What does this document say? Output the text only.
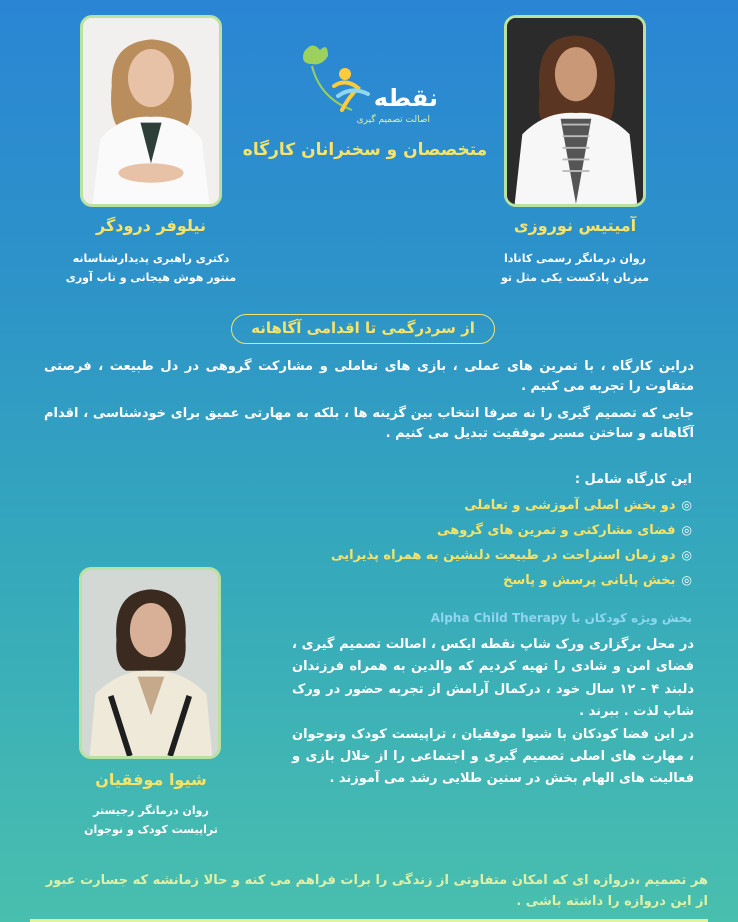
نقطه
اصالت تصمیم گیری
متخصصان و سخنرانان کارگاه
نیلوفر درودگر
دکتری راهبری پدیدارشناسانه
منتور هوش هیجانی و تاب آوری
آمیتیس نوروزی
روان درمانگر رسمی کانادا
میزبان پادکست یکی مثل تو
از سردرگمی تا اقدامی آگاهانه
دراین کارگاه ، با تمرین های عملی ، بازی های تعاملی و مشارکت گروهی در دل طبیعت ، فرصتی متفاوت را تجربه می کنیم .
جایی که تصمیم گیری را نه صرفا انتخاب بین گزینه ها ، بلکه به مهارتی عمیق برای خودشناسی ، اقدام آگاهانه و ساختن مسیر موفقیت تبدیل می کنیم .
این کارگاه شامل :
◎
دو بخش اصلی آموزشی و تعاملی
◎
فضای مشارکتی و تمرین های گروهی
◎
دو زمان استراحت در طبیعت دلنشین به همراه پذیرایی
◎
بخش پایانی پرسش و پاسخ
شیوا موفقیان
روان درمانگر رجیستر
تراپیست کودک و نوجوان
بخش ویژه کودکان با Alpha Child Therapy
در محل برگزاری ورک شاپ نقطه ایکس ، اصالت تصمیم گیری ، فضای امن و شادی را تهیه کردیم که والدین به همراه فرزندان دلبند ۴ - ۱۲ سال خود ، درکمال آرامش از تجربه حضور در ورک شاپ لذت . ببرند .
در این فضا کودکان با شیوا موفقیان ، تراپیست کودک ونوجوان ، مهارت های اصلی تصمیم گیری و اجتماعی را از خلال بازی و فعالیت های الهام بخش در سنین طلایی رشد می آموزند .
هر تصمیم ،دروازه ای که امکان متفاوتی از زندگی را برات فراهم می کنه و حالا زمانشه که جسارت عبور از این دروازه را داشته باشی .
